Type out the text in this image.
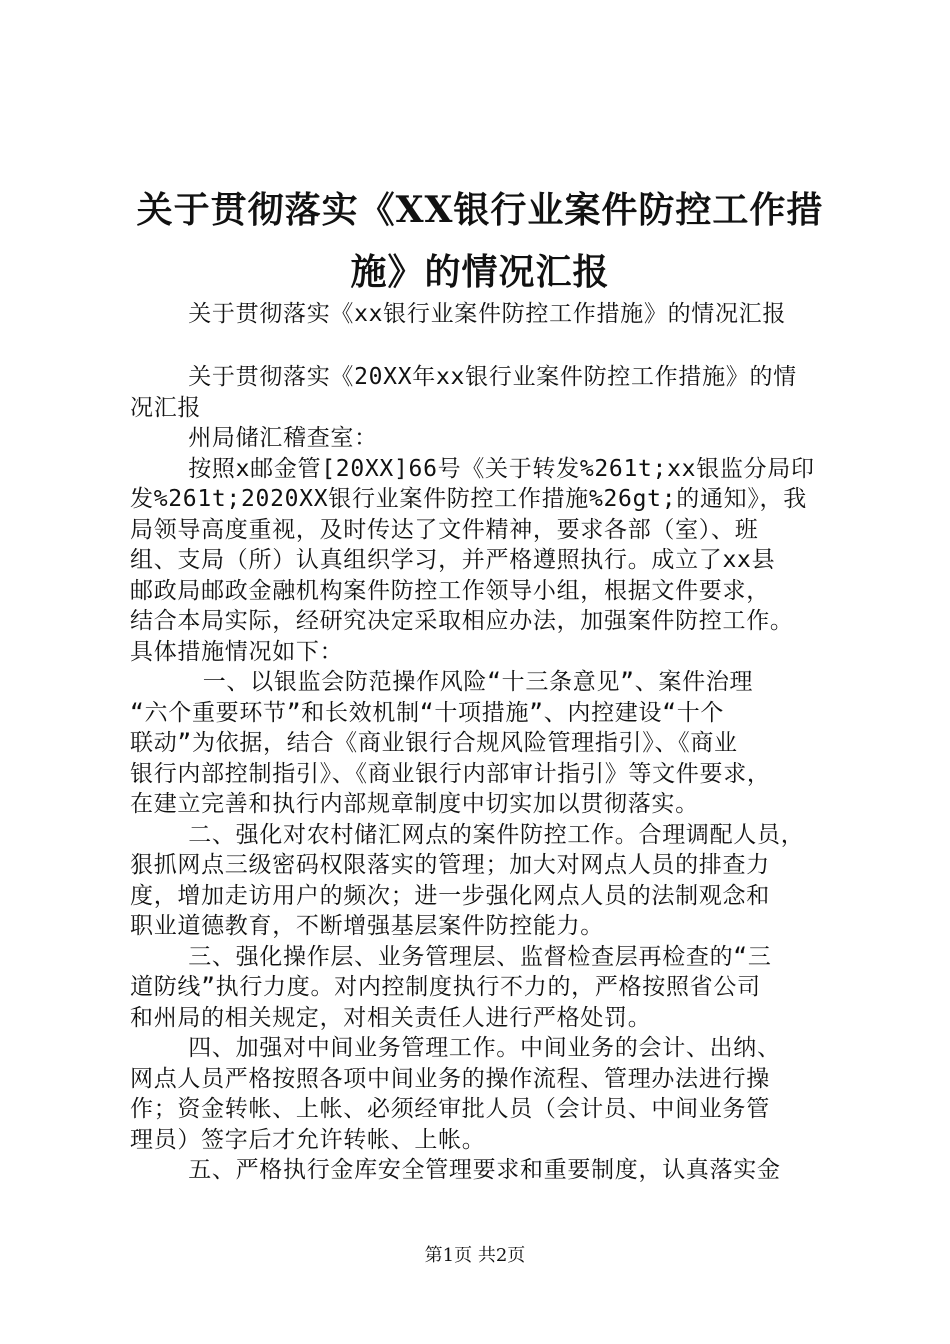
关于贯彻落实《XX银行业案件防控工作措
施》的情况汇报
关于贯彻落实《xx银行业案件防控工作措施》的情况汇报
关于贯彻落实《20XX年xx银行业案件防控工作措施》的情
况汇报
州局储汇稽查室：
按照x邮金管[20XX]66号《关于转发%261t;xx银监分局印
发%261t;2020XX银行业案件防控工作措施%26gt;的通知》，我
局领导高度重视，及时传达了文件精神，要求各部（室）、班
组、支局（所）认真组织学习，并严格遵照执行。成立了xx县
邮政局邮政金融机构案件防控工作领导小组，根据文件要求，
结合本局实际，经研究决定采取相应办法，加强案件防控工作。
具体措施情况如下：
一、以银监会防范操作风险“十三条意见”、案件治理
“六个重要环节”和长效机制“十项措施”、内控建设“十个
联动”为依据，结合《商业银行合规风险管理指引》、《商业
银行内部控制指引》、《商业银行内部审计指引》等文件要求，
在建立完善和执行内部规章制度中切实加以贯彻落实。
二、强化对农村储汇网点的案件防控工作。合理调配人员，
狠抓网点三级密码权限落实的管理；加大对网点人员的排查力
度，增加走访用户的频次；进一步强化网点人员的法制观念和
职业道德教育，不断增强基层案件防控能力。
三、强化操作层、业务管理层、监督检查层再检查的“三
道防线”执行力度。对内控制度执行不力的，严格按照省公司
和州局的相关规定，对相关责任人进行严格处罚。
四、加强对中间业务管理工作。中间业务的会计、出纳、
网点人员严格按照各项中间业务的操作流程、管理办法进行操
作；资金转帐、上帐、必须经审批人员（会计员、中间业务管
理员）签字后才允许转帐、上帐。
五、严格执行金库安全管理要求和重要制度，认真落实金
第1页 共2页
